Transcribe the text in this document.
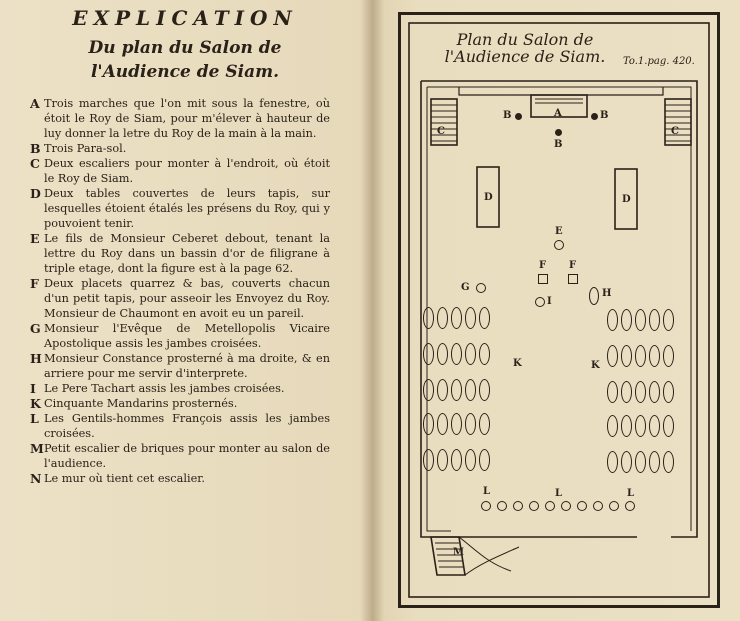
EXPLICATION
Du plan du Salon de l'Audience de Siam.
A Trois marches que l'on mit sous la fenestre, où étoit le Roy de Siam, pour m'élever à hauteur de luy donner la letre du Roy de la main à la main.
B Trois Para-sol.
C Deux escaliers pour monter à l'endroit, où étoit le Roy de Siam.
D Deux tables couvertes de leurs tapis, sur lesquelles étoient étalés les présens du Roy, qui y pouvoient tenir.
E Le fils de Monsieur Ceberet debout, tenant la lettre du Roy dans un bassin d'or de filigrane à triple etage, dont la figure est à la page 62.
F Deux placets quarrez & bas, couverts chacun d'un petit tapis, pour asseoir les Envoyez du Roy. Monsieur de Chaumont en avoit eu un pareil.
G Monsieur l'Evêque de Metellopolis Vicaire Apostolique assis les jambes croisées.
H Monsieur Constance prosterné à ma droite, & en arriere pour me servir d'interprete.
I Le Pere Tachart assis les jambes croisées.
K Cinquante Mandarins prosternés.
L Les Gentils-hommes François assis les jambes croisées.
M Petit escalier de briques pour monter au salon de l'audience.
N Le mur où tient cet escalier.
Plan du Salon de l'Audience de Siam.	To.1.pag. 420.
A
B	B
B
C	C
D	D
E
F F
G
I
H
K	K
L	L	L
M
